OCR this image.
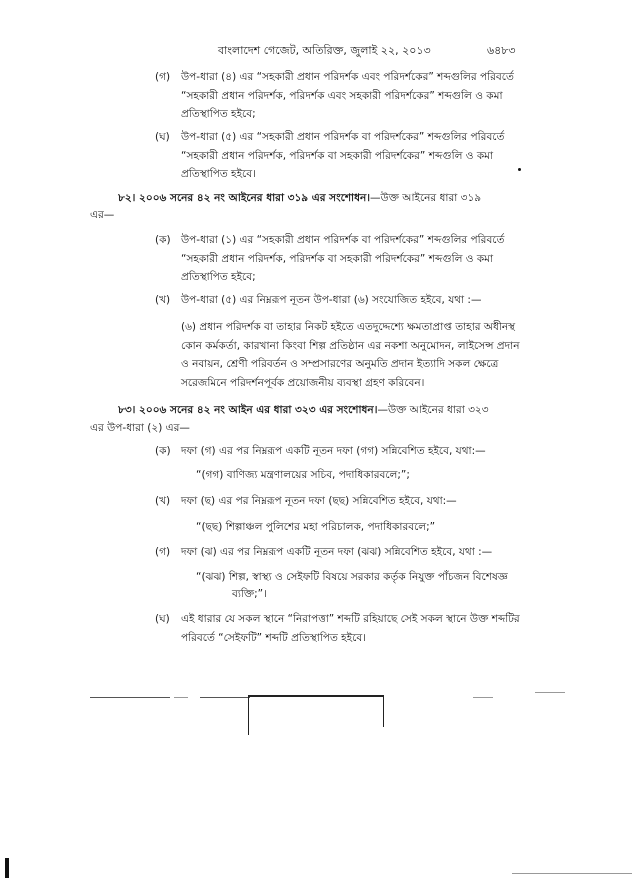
বাংলাদেশ গেজেট, অতিরিক্ত, জুলাই ২২, ২০১৩	৬৪৮৩
(গ) উপ-ধারা (৪) এর “সহকারী প্রধান পরিদর্শক এবং পরিদর্শকের” শব্দগুলির পরিবর্তে
“সহকারী প্রধান পরিদর্শক, পরিদর্শক এবং সহকারী পরিদর্শকের” শব্দগুলি ও কমা
প্রতিস্থাপিত হইবে;
(ঘ) উপ-ধারা (৫) এর “সহকারী প্রধান পরিদর্শক বা পরিদর্শকের” শব্দগুলির পরিবর্তে
“সহকারী প্রধান পরিদর্শক, পরিদর্শক বা সহকারী পরিদর্শকের” শব্দগুলি ও কমা
প্রতিস্থাপিত হইবে।
৮২। ২০০৬ সনের ৪২ নং আইনের ধারা ৩১৯ এর সংশোধন।—উক্ত আইনের ধারা ৩১৯
এর—
(ক) উপ-ধারা (১) এর “সহকারী প্রধান পরিদর্শক বা পরিদর্শকের” শব্দগুলির পরিবর্তে
“সহকারী প্রধান পরিদর্শক, পরিদর্শক বা সহকারী পরিদর্শকের” শব্দগুলি ও কমা
প্রতিস্থাপিত হইবে;
(খ) উপ-ধারা (৫) এর নিম্নরূপ নূতন উপ-ধারা (৬) সংযোজিত হইবে, যথা :—
(৬) প্রধান পরিদর্শক বা তাহার নিকট হইতে এতদুদ্দেশ্যে ক্ষমতাপ্রাপ্ত তাহার অধীনস্থ
কোন কর্মকর্তা, কারখানা কিংবা শিল্প প্রতিষ্ঠান এর নকশা অনুমোদন, লাইসেন্স প্রদান
ও নবায়ন, শ্রেণী পরিবর্তন ও সম্প্রসারণের অনুমতি প্রদান ইত্যাদি সকল ক্ষেত্রে
সরেজমিনে পরিদর্শনপূর্বক প্রয়োজনীয় ব্যবস্থা গ্রহণ করিবেন।
৮৩। ২০০৬ সনের ৪২ নং আইন এর ধারা ৩২৩ এর সংশোধন।—উক্ত আইনের ধারা ৩২৩
এর উপ-ধারা (২) এর—
(ক) দফা (গ) এর পর নিম্নরূপ একটি নূতন দফা (গগ) সন্নিবেশিত হইবে, যথা:—
“(গগ) বাণিজ্য মন্ত্রণালয়ের সচিব, পদাধিকারবলে;”;
(খ) দফা (ছ) এর পর নিম্নরূপ নূতন দফা (ছছ) সন্নিবেশিত হইবে, যথা:—
“(ছছ) শিল্পাঞ্চল পুলিশের মহা পরিচালক, পদাধিকারবলে;”
(গ) দফা (ঝ) এর পর নিম্নরূপ একটি নূতন দফা (ঝঝ) সন্নিবেশিত হইবে, যথা :—
“(ঝঝ) শিল্প, স্বাস্থ্য ও সেইফটি বিষয়ে সরকার কর্তৃক নিযুক্ত পাঁচজন বিশেষজ্ঞ
ব্যক্তি;”।
(ঘ) এই ধারার যে সকল স্থানে “নিরাপত্তা” শব্দটি রহিয়াছে সেই সকল স্থানে উক্ত শব্দটির
পরিবর্তে “সেইফটি” শব্দটি প্রতিস্থাপিত হইবে।
